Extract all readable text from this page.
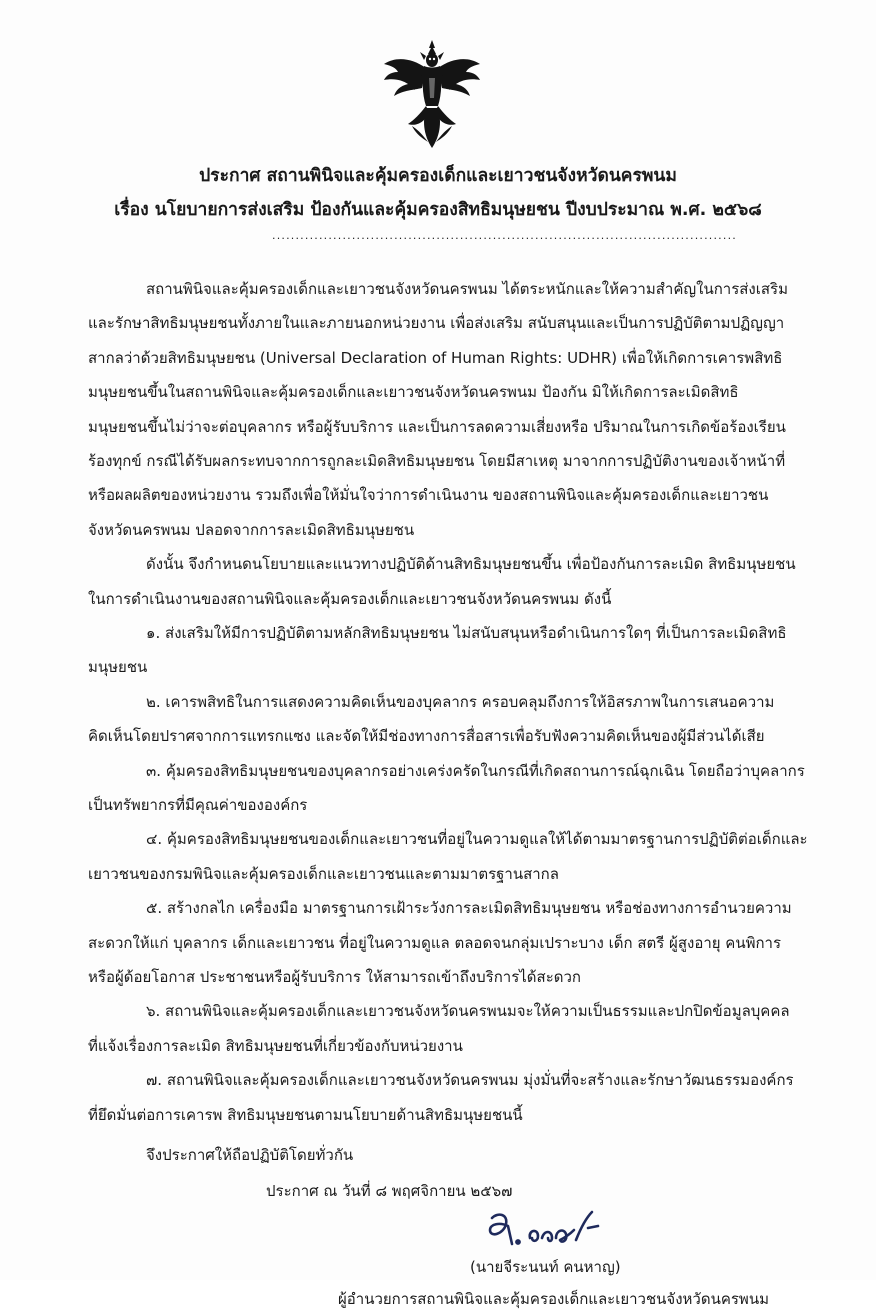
ประกาศ สถานพินิจและคุ้มครองเด็กและเยาวชนจังหวัดนครพนม
เรื่อง นโยบายการส่งเสริม ป้องกันและคุ้มครองสิทธิมนุษยชน ปีงบประมาณ พ.ศ. ๒๕๖๘
...................................................................................................
สถานพินิจและคุ้มครองเด็กและเยาวชนจังหวัดนครพนม ได้ตระหนักและให้ความสำคัญในการส่งเสริม
และรักษาสิทธิมนุษยชนทั้งภายในและภายนอกหน่วยงาน เพื่อส่งเสริม สนับสนุนและเป็นการปฏิบัติตามปฏิญญา
สากลว่าด้วยสิทธิมนุษยชน (Universal Declaration of Human Rights: UDHR) เพื่อให้เกิดการเคารพสิทธิ
มนุษยชนขึ้นในสถานพินิจและคุ้มครองเด็กและเยาวชนจังหวัดนครพนม ป้องกัน มิให้เกิดการละเมิดสิทธิ
มนุษยชนขึ้นไม่ว่าจะต่อบุคลากร หรือผู้รับบริการ และเป็นการลดความเสี่ยงหรือ ปริมาณในการเกิดข้อร้องเรียน
ร้องทุกข์ กรณีได้รับผลกระทบจากการถูกละเมิดสิทธิมนุษยชน โดยมีสาเหตุ มาจากการปฏิบัติงานของเจ้าหน้าที่
หรือผลผลิตของหน่วยงาน รวมถึงเพื่อให้มั่นใจว่าการดำเนินงาน ของสถานพินิจและคุ้มครองเด็กและเยาวชน
จังหวัดนครพนม ปลอดจากการละเมิดสิทธิมนุษยชน
ดังนั้น จึงกำหนดนโยบายและแนวทางปฏิบัติด้านสิทธิมนุษยชนขึ้น เพื่อป้องกันการละเมิด สิทธิมนุษยชน
ในการดำเนินงานของสถานพินิจและคุ้มครองเด็กและเยาวชนจังหวัดนครพนม ดังนี้
๑. ส่งเสริมให้มีการปฏิบัติตามหลักสิทธิมนุษยชน ไม่สนับสนุนหรือดำเนินการใดๆ ที่เป็นการละเมิดสิทธิ
มนุษยชน
๒. เคารพสิทธิในการแสดงความคิดเห็นของบุคลากร ครอบคลุมถึงการให้อิสรภาพในการเสนอความ
คิดเห็นโดยปราศจากการแทรกแซง และจัดให้มีช่องทางการสื่อสารเพื่อรับฟังความคิดเห็นของผู้มีส่วนได้เสีย
๓. คุ้มครองสิทธิมนุษยชนของบุคลากรอย่างเคร่งครัดในกรณีที่เกิดสถานการณ์ฉุกเฉิน โดยถือว่าบุคลากร
เป็นทรัพยากรที่มีคุณค่าขององค์กร
๔. คุ้มครองสิทธิมนุษยชนของเด็กและเยาวชนที่อยู่ในความดูแลให้ได้ตามมาตรฐานการปฏิบัติต่อเด็กและ
เยาวชนของกรมพินิจและคุ้มครองเด็กและเยาวชนและตามมาตรฐานสากล
๕. สร้างกลไก เครื่องมือ มาตรฐานการเฝ้าระวังการละเมิดสิทธิมนุษยชน หรือช่องทางการอำนวยความ
สะดวกให้แก่ บุคลากร เด็กและเยาวชน ที่อยู่ในความดูแล ตลอดจนกลุ่มเปราะบาง เด็ก สตรี ผู้สูงอายุ คนพิการ
หรือผู้ด้อยโอกาส ประชาชนหรือผู้รับบริการ ให้สามารถเข้าถึงบริการได้สะดวก
๖. สถานพินิจและคุ้มครองเด็กและเยาวชนจังหวัดนครพนมจะให้ความเป็นธรรมและปกปิดข้อมูลบุคคล
ที่แจ้งเรื่องการละเมิด สิทธิมนุษยชนที่เกี่ยวข้องกับหน่วยงาน
๗. สถานพินิจและคุ้มครองเด็กและเยาวชนจังหวัดนครพนม มุ่งมั่นที่จะสร้างและรักษาวัฒนธรรมองค์กร
ที่ยึดมั่นต่อการเคารพ สิทธิมนุษยชนตามนโยบายด้านสิทธิมนุษยชนนี้
จึงประกาศให้ถือปฏิบัติโดยทั่วกัน
ประกาศ ณ วันที่ ๘ พฤศจิกายน ๒๕๖๗
(นายจีระนนท์ คนหาญ)
ผู้อำนวยการสถานพินิจและคุ้มครองเด็กและเยาวชนจังหวัดนครพนม
